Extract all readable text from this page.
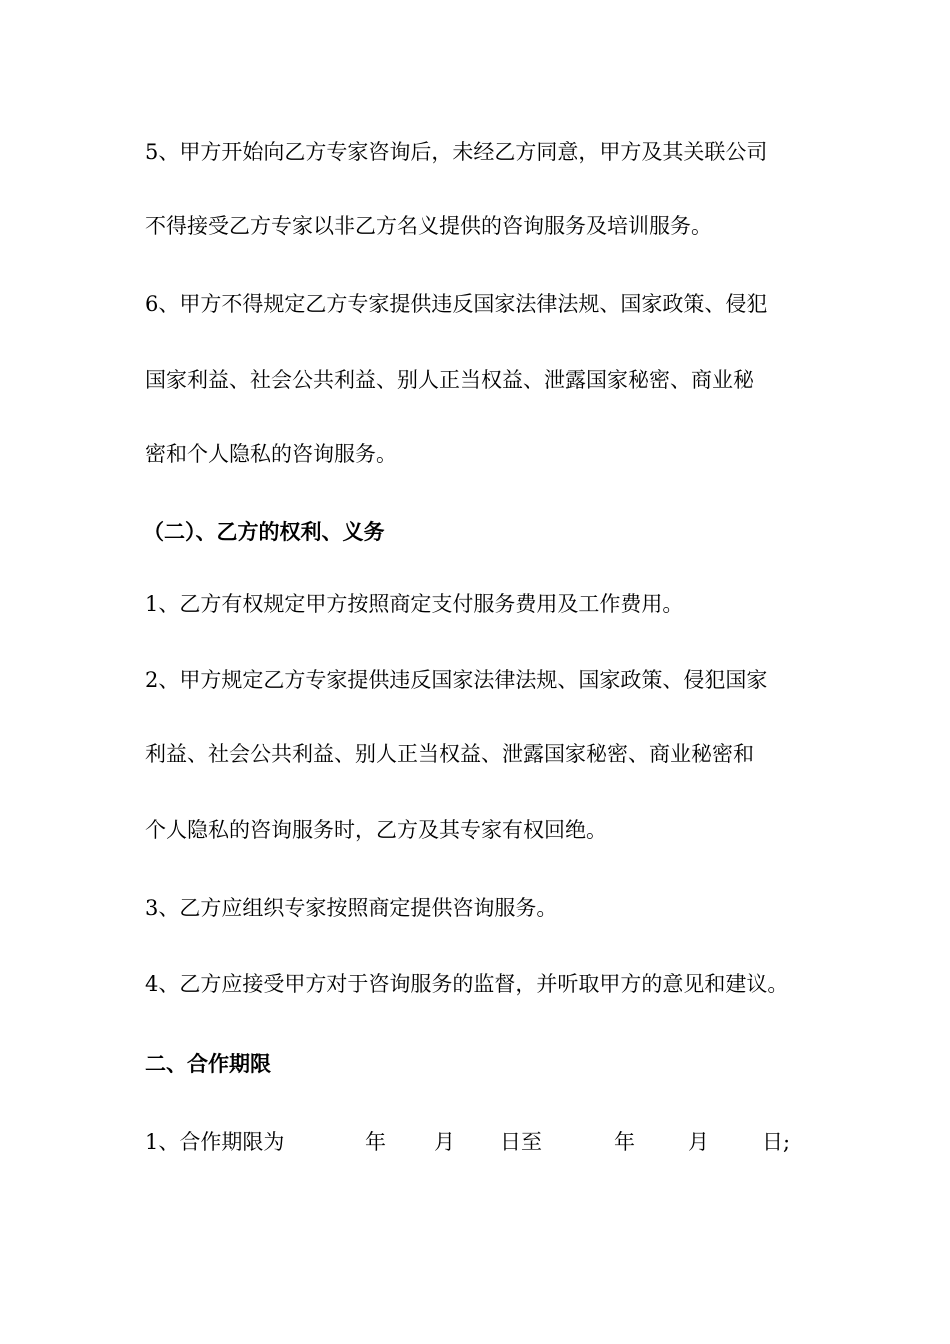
5、甲方开始向乙方专家咨询后，未经乙方同意，甲方及其关联公司
不得接受乙方专家以非乙方名义提供的咨询服务及培训服务。
6、甲方不得规定乙方专家提供违反国家法律法规、国家政策、侵犯
国家利益、社会公共利益、别人正当权益、泄露国家秘密、商业秘
密和个人隐私的咨询服务。
（二）、乙方的权利、义务
1、乙方有权规定甲方按照商定支付服务费用及工作费用。
2、甲方规定乙方专家提供违反国家法律法规、国家政策、侵犯国家
利益、社会公共利益、别人正当权益、泄露国家秘密、商业秘密和
个人隐私的咨询服务时，乙方及其专家有权回绝。
3、乙方应组织专家按照商定提供咨询服务。
4、乙方应接受甲方对于咨询服务的监督，并听取甲方的意见和建议。
二、合作期限
1、合作期限为	年 月 日至	年	月	日;
